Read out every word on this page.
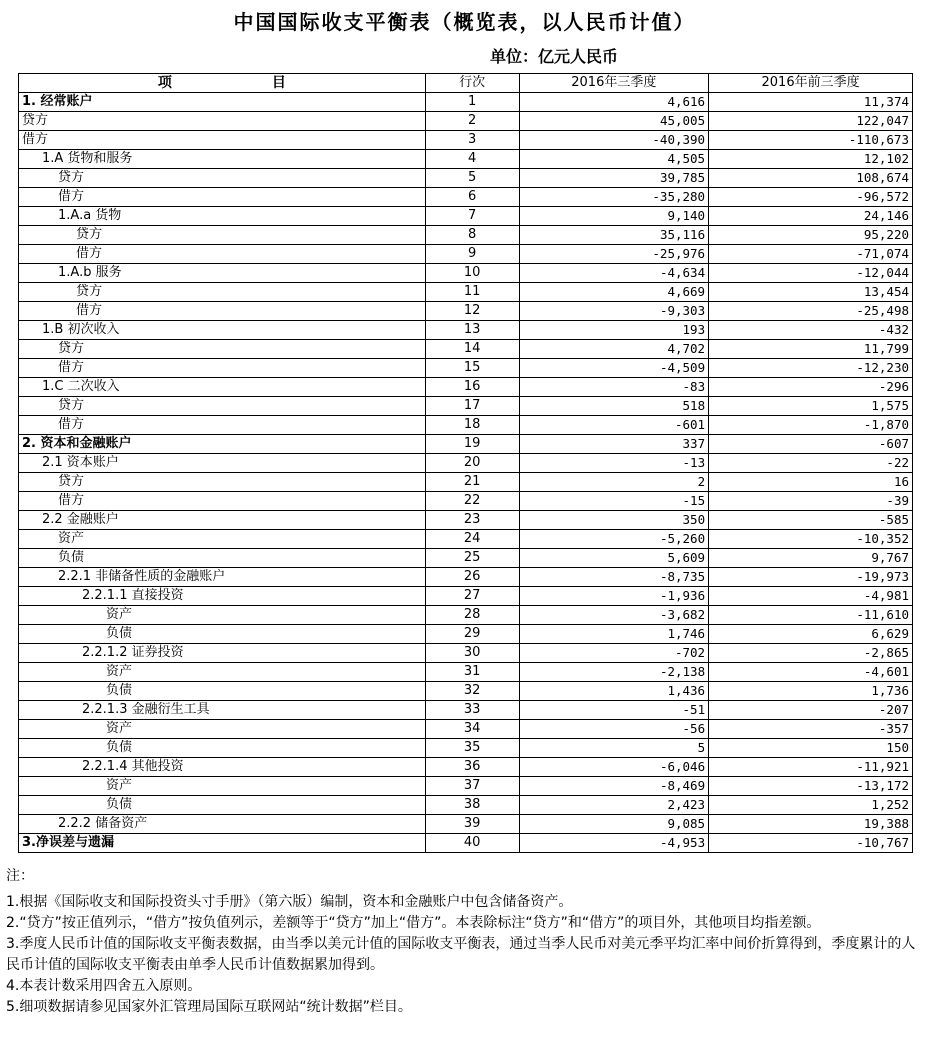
中国国际收支平衡表（概览表，以人民币计值）
单位：亿元人民币
项 目	行次	2016年三季度	2016年前三季度
1. 经常账户	1	4,616	11,374
贷方	2	45,005	122,047
借方	3	-40,390	-110,673
1.A 货物和服务	4	4,505	12,102
贷方	5	39,785	108,674
借方	6	-35,280	-96,572
1.A.a 货物	7	9,140	24,146
贷方	8	35,116	95,220
借方	9	-25,976	-71,074
1.A.b 服务	10	-4,634	-12,044
贷方	11	4,669	13,454
借方	12	-9,303	-25,498
1.B 初次收入	13	193	-432
贷方	14	4,702	11,799
借方	15	-4,509	-12,230
1.C 二次收入	16	-83	-296
贷方	17	518	1,575
借方	18	-601	-1,870
2. 资本和金融账户	19	337	-607
2.1 资本账户	20	-13	-22
贷方	21	2	16
借方	22	-15	-39
2.2 金融账户	23	350	-585
资产	24	-5,260	-10,352
负债	25	5,609	9,767
2.2.1 非储备性质的金融账户	26	-8,735	-19,973
2.2.1.1 直接投资	27	-1,936	-4,981
资产	28	-3,682	-11,610
负债	29	1,746	6,629
2.2.1.2 证券投资	30	-702	-2,865
资产	31	-2,138	-4,601
负债	32	1,436	1,736
2.2.1.3 金融衍生工具	33	-51	-207
资产	34	-56	-357
负债	35	5	150
2.2.1.4 其他投资	36	-6,046	-11,921
资产	37	-8,469	-13,172
负债	38	2,423	1,252
2.2.2 储备资产	39	9,085	19,388
3.净误差与遗漏	40	-4,953	-10,767

注：

1.根据《国际收支和国际投资头寸手册》（第六版）编制，资本和金融账户中包含储备资产。

2.“贷方”按正值列示，“借方”按负值列示，差额等于“贷方”加上“借方”。本表除标注“贷方”和“借方”的项目外，其他项目均指差额。

3.季度人民币计值的国际收支平衡表数据，由当季以美元计值的国际收支平衡表，通过当季人民币对美元季平均汇率中间价折算得到，季度累计的人民币计值的国际收支平衡表由单季人民币计值数据累加得到。

4.本表计数采用四舍五入原则。

5.细项数据请参见国家外汇管理局国际互联网站“统计数据”栏目。
